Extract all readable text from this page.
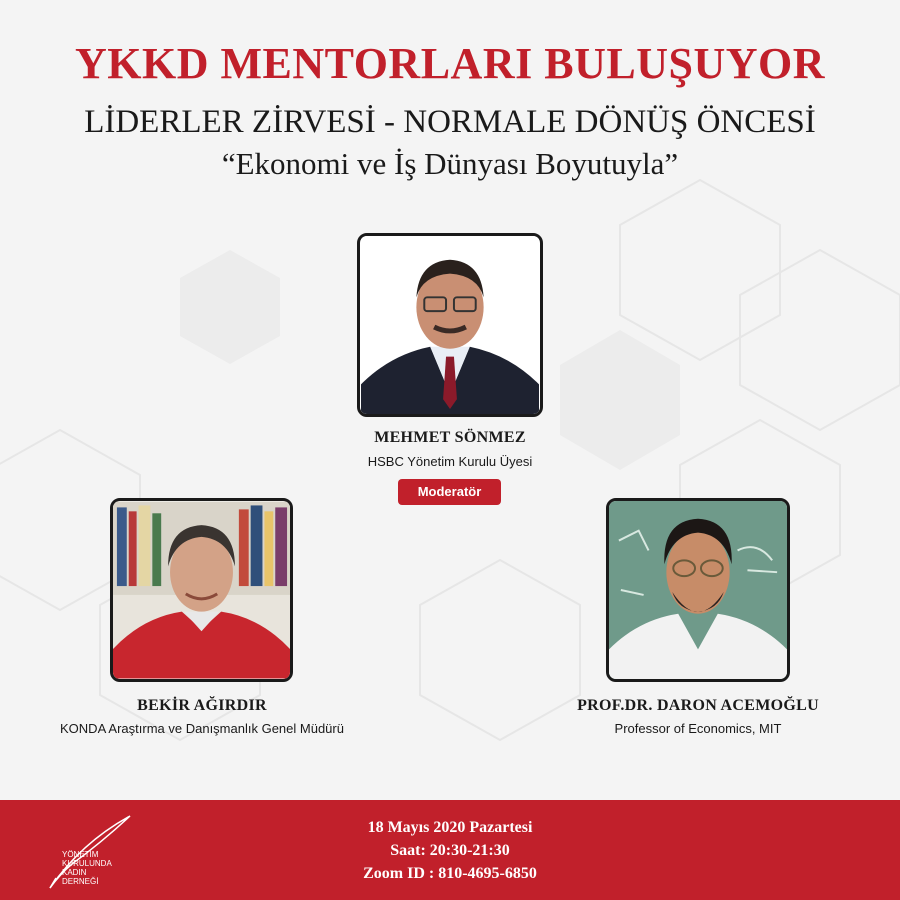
YKKD MENTORLARI BULUŞUYOR
LİDERLER ZİRVESİ - NORMALE DÖNÜŞ ÖNCESİ
“Ekonomi ve İş Dünyası Boyutuyla”
MEHMET SÖNMEZ
HSBC Yönetim Kurulu Üyesi
Moderatör
BEKİR AĞIRDIR
KONDA Araştırma ve Danışmanlık Genel Müdürü
PROF.DR. DARON ACEMOĞLU
Professor of Economics, MIT
YÖNETİM
KURULUNDA
KADIN
DERNEĞİ
18 Mayıs 2020 Pazartesi
Saat: 20:30-21:30
Zoom ID : 810-4695-6850
